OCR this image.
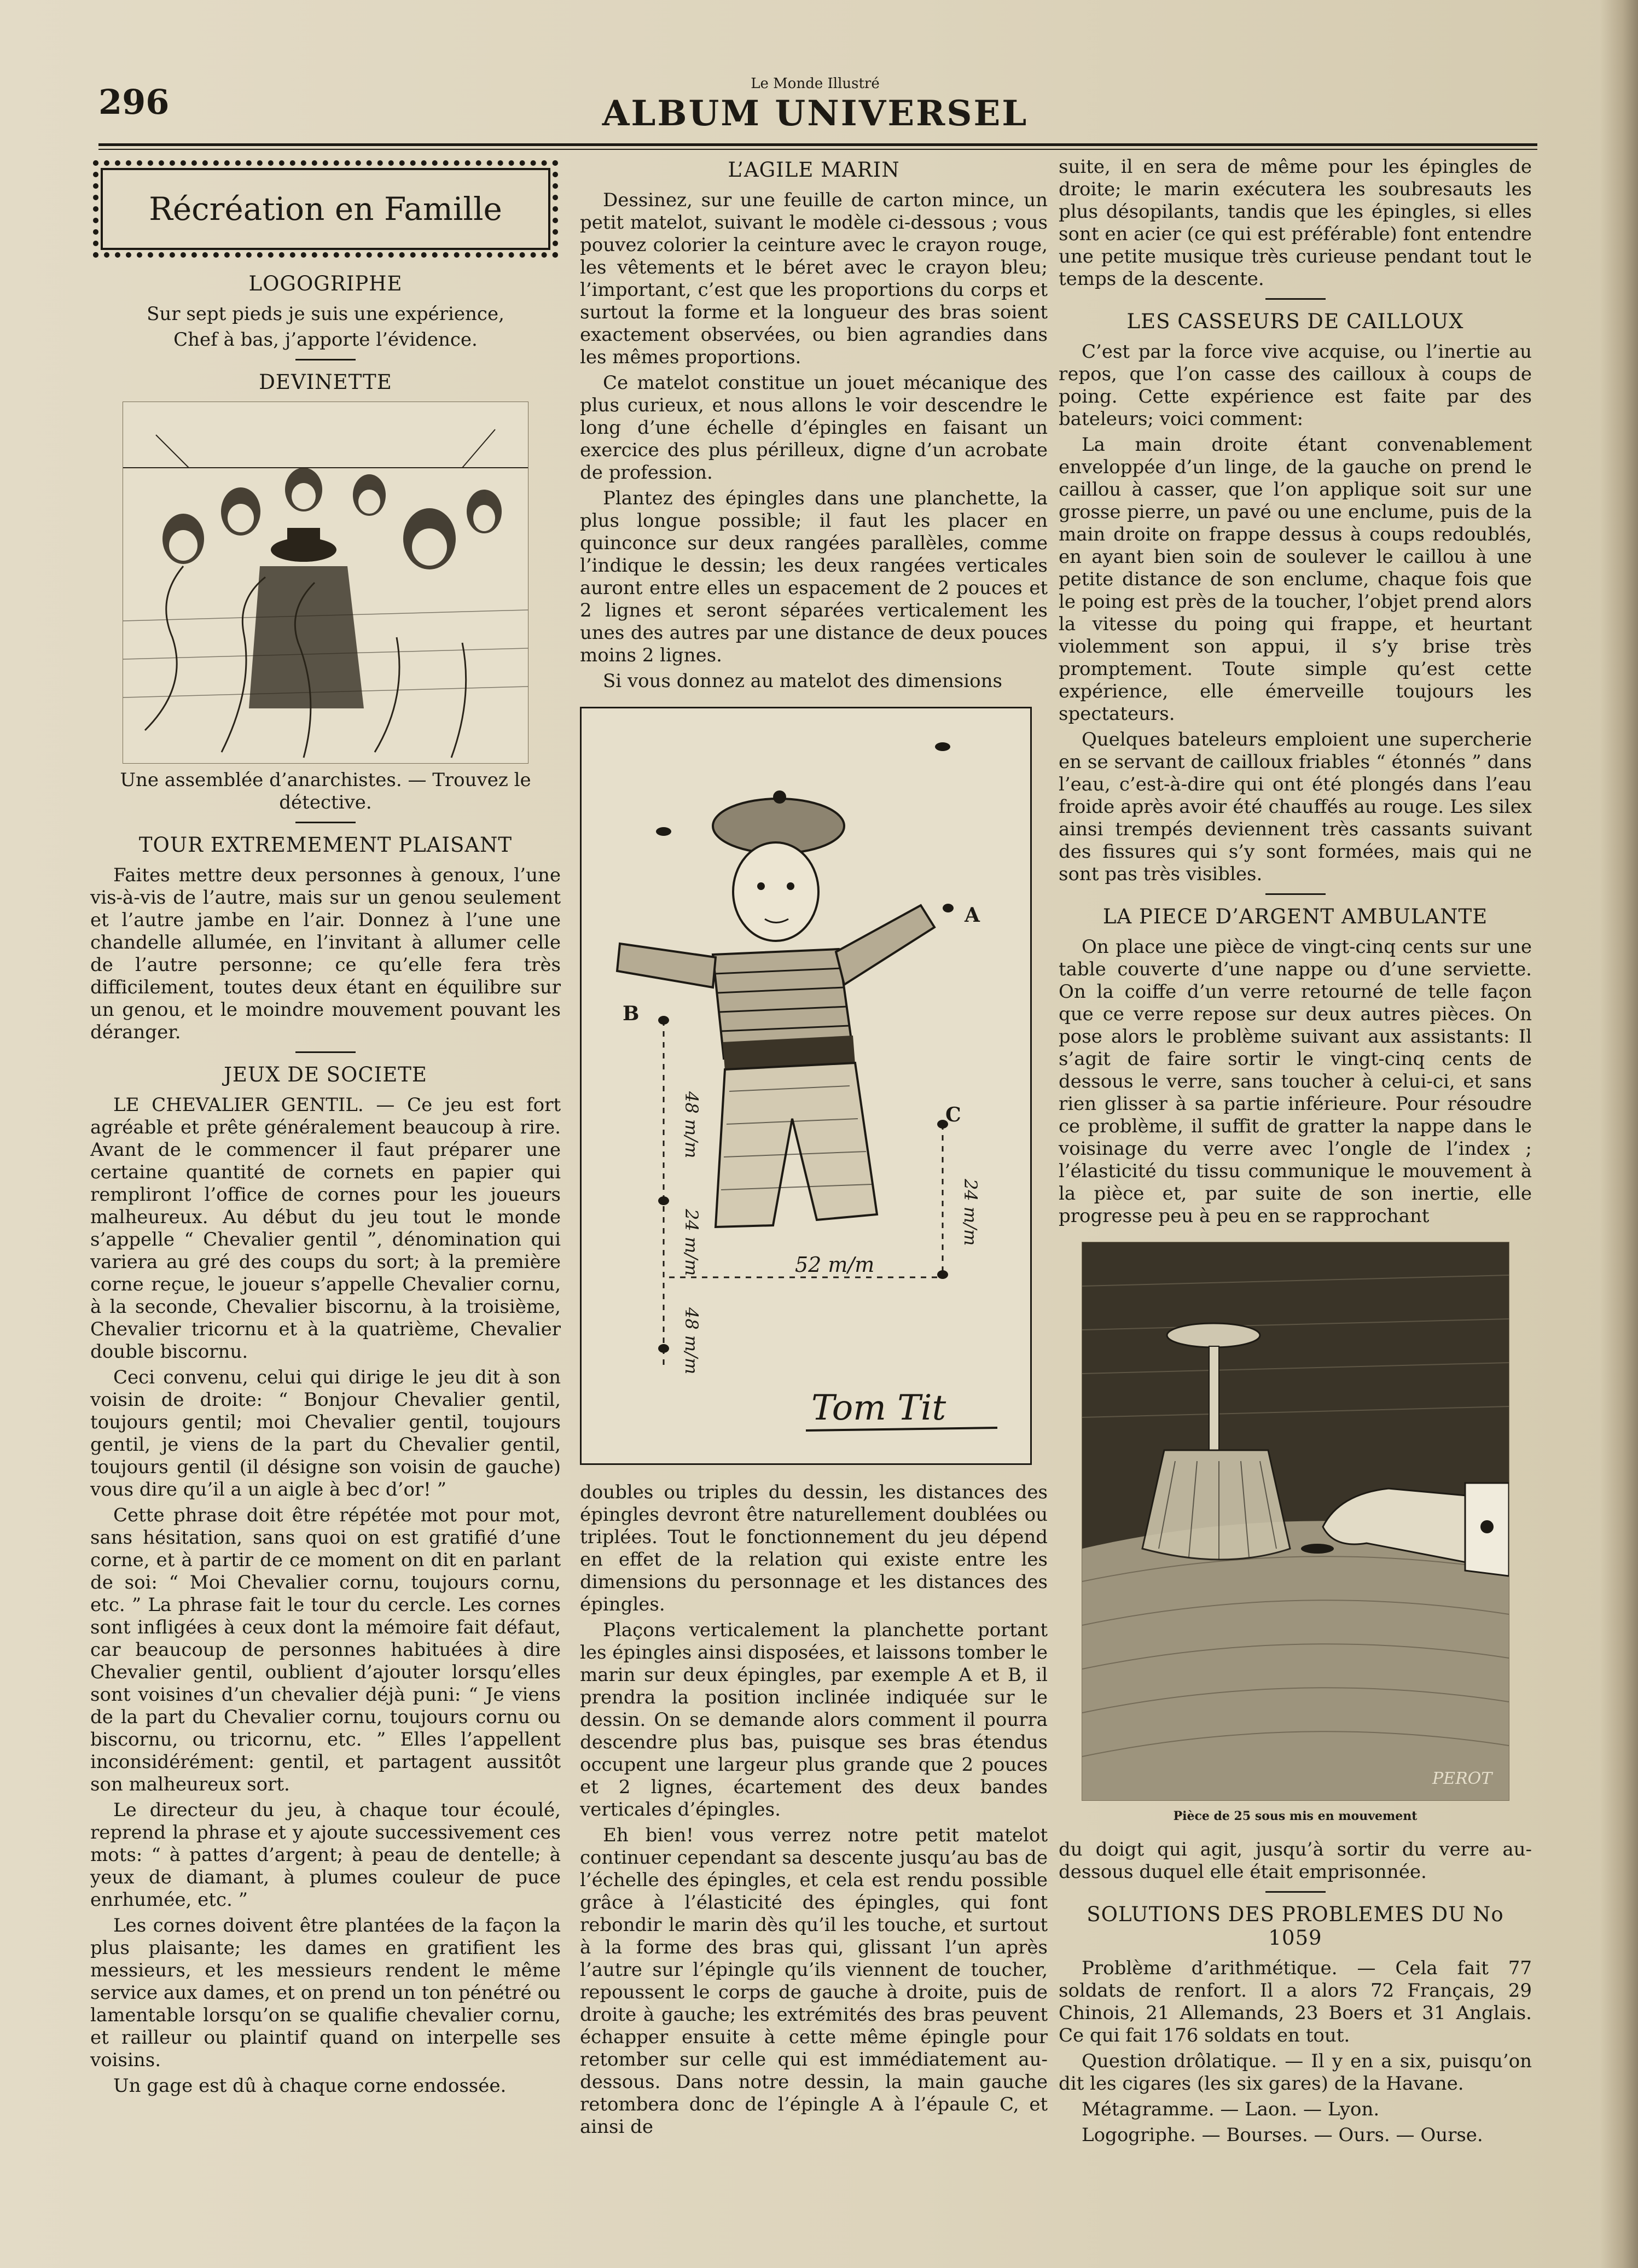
296	Le Monde Illustré
ALBUM UNIVERSEL
Récréation en Famille
LOGOGRIPHE

Sur sept pieds je suis une expérience,

Chef à bas, j’apporte l’évidence.

DEVINETTE

Une assemblée d’anarchistes. — Trouvez le détective.

TOUR EXTREMEMENT PLAISANT

Faites mettre deux personnes à genoux, l’une vis-à-vis de l’autre, mais sur un genou seulement et l’autre jambe en l’air. Donnez à l’une une chandelle allumée, en l’invitant à allumer celle de l’autre personne; ce qu’elle fera très difficilement, toutes deux étant en équilibre sur un genou, et le moindre mouvement pouvant les déranger.

JEUX DE SOCIETE

LE CHEVALIER GENTIL. — Ce jeu est fort agréable et prête généralement beaucoup à rire. Avant de le commencer il faut préparer une certaine quantité de cornets en papier qui rempliront l’office de cornes pour les joueurs malheureux. Au début du jeu tout le monde s’appelle “ Chevalier gentil ”, dénomination qui variera au gré des coups du sort; à la première corne reçue, le joueur s’appelle Chevalier cornu, à la seconde, Chevalier biscornu, à la troisième, Chevalier tricornu et à la quatrième, Chevalier double biscornu.

Ceci convenu, celui qui dirige le jeu dit à son voisin de droite: “ Bonjour Chevalier gentil, toujours gentil; moi Chevalier gentil, toujours gentil, je viens de la part du Chevalier gentil, toujours gentil (il désigne son voisin de gauche) vous dire qu’il a un aigle à bec d’or! ”

Cette phrase doit être répétée mot pour mot, sans hésitation, sans quoi on est gratifié d’une corne, et à partir de ce moment on dit en parlant de soi: “ Moi Chevalier cornu, toujours cornu, etc. ” La phrase fait le tour du cercle. Les cornes sont infligées à ceux dont la mémoire fait défaut, car beaucoup de personnes habituées à dire Chevalier gentil, oublient d’ajouter lorsqu’elles sont voisines d’un chevalier déjà puni: “ Je viens de la part du Chevalier cornu, toujours cornu ou biscornu, ou tricornu, etc. ” Elles l’appellent inconsidérément: gentil, et partagent aussitôt son malheureux sort.

Le directeur du jeu, à chaque tour écoulé, reprend la phrase et y ajoute successivement ces mots: “ à pattes d’argent; à peau de dentelle; à yeux de diamant, à plumes couleur de puce enrhumée, etc. ”

Les cornes doivent être plantées de la façon la plus plaisante; les dames en gratifient les messieurs, et les messieurs rendent le même service aux dames, et on prend un ton pénétré ou lamentable lorsqu’on se qualifie chevalier cornu, et railleur ou plaintif quand on interpelle ses voisins.

Un gage est dû à chaque corne endossée.

L’AGILE MARIN

Dessinez, sur une feuille de carton mince, un petit matelot, suivant le modèle ci-dessous ; vous pouvez colorier la ceinture avec le crayon rouge, les vêtements et le béret avec le crayon bleu; l’important, c’est que les proportions du corps et surtout la forme et la longueur des bras soient exactement observées, ou bien agrandies dans les mêmes proportions.

Ce matelot constitue un jouet mécanique des plus curieux, et nous allons le voir descendre le long d’une échelle d’épingles en faisant un exercice des plus périlleux, digne d’un acrobate de profession.

Plantez des épingles dans une planchette, la plus longue possible; il faut les placer en quinconce sur deux rangées parallèles, comme l’indique le dessin; les deux rangées verticales auront entre elles un espacement de 2 pouces et 2 lignes et seront séparées verticalement les unes des autres par une distance de deux pouces moins 2 lignes.

Si vous donnez au matelot des dimensions

B
A
C
52 m/m
48 m/m
24 m/m
48 m/m
24 m/m
Tom Tit

doubles ou triples du dessin, les distances des épingles devront être naturellement doublées ou triplées. Tout le fonctionnement du jeu dépend en effet de la relation qui existe entre les dimensions du personnage et les distances des épingles.

Plaçons verticalement la planchette portant les épingles ainsi disposées, et laissons tomber le marin sur deux épingles, par exemple A et B, il prendra la position inclinée indiquée sur le dessin. On se demande alors comment il pourra descendre plus bas, puisque ses bras étendus occupent une largeur plus grande que 2 pouces et 2 lignes, écartement des deux bandes verticales d’épingles.

Eh bien! vous verrez notre petit matelot continuer cependant sa descente jusqu’au bas de l’échelle des épingles, et cela est rendu possible grâce à l’élasticité des épingles, qui font rebondir le marin dès qu’il les touche, et surtout à la forme des bras qui, glissant l’un après l’autre sur l’épingle qu’ils viennent de toucher, repoussent le corps de gauche à droite, puis de droite à gauche; les extrémités des bras peuvent échapper ensuite à cette même épingle pour retomber sur celle qui est immédiatement au-dessous. Dans notre dessin, la main gauche retombera donc de l’épingle A à l’épaule C, et ainsi de

suite, il en sera de même pour les épingles de droite; le marin exécutera les soubresauts les plus désopilants, tandis que les épingles, si elles sont en acier (ce qui est préférable) font entendre une petite musique très curieuse pendant tout le temps de la descente.

LES CASSEURS DE CAILLOUX

C’est par la force vive acquise, ou l’inertie au repos, que l’on casse des cailloux à coups de poing. Cette expérience est faite par des bateleurs; voici comment:

La main droite étant convenablement enveloppée d’un linge, de la gauche on prend le caillou à casser, que l’on applique soit sur une grosse pierre, un pavé ou une enclume, puis de la main droite on frappe dessus à coups redoublés, en ayant bien soin de soulever le caillou à une petite distance de son enclume, chaque fois que le poing est près de la toucher, l’objet prend alors la vitesse du poing qui frappe, et heurtant violemment son appui, il s’y brise très promptement. Toute simple qu’est cette expérience, elle émerveille toujours les spectateurs.

Quelques bateleurs emploient une supercherie en se servant de cailloux friables “ étonnés ” dans l’eau, c’est-à-dire qui ont été plongés dans l’eau froide après avoir été chauffés au rouge. Les silex ainsi trempés deviennent très cassants suivant des fissures qui s’y sont formées, mais qui ne sont pas très visibles.

LA PIECE D’ARGENT AMBULANTE

On place une pièce de vingt-cinq cents sur une table couverte d’une nappe ou d’une serviette. On la coiffe d’un verre retourné de telle façon que ce verre repose sur deux autres pièces. On pose alors le problème suivant aux assistants: Il s’agit de faire sortir le vingt-cinq cents de dessous le verre, sans toucher à celui-ci, et sans rien glisser à sa partie inférieure. Pour résoudre ce problème, il suffit de gratter la nappe dans le voisinage du verre avec l’ongle de l’index ; l’élasticité du tissu communique le mouvement à la pièce et, par suite de son inertie, elle progresse peu à peu en se rapprochant

PEROT

Pièce de 25 sous mis en mouvement

du doigt qui agit, jusqu’à sortir du verre au-dessous duquel elle était emprisonnée.

SOLUTIONS DES PROBLEMES DU No 1059

Problème d’arithmétique. — Cela fait 77 soldats de renfort. Il a alors 72 Français, 29 Chinois, 21 Allemands, 23 Boers et 31 Anglais. Ce qui fait 176 soldats en tout.

Question drôlatique. — Il y en a six, puisqu’on dit les cigares (les six gares) de la Havane.

Métagramme. — Laon. — Lyon.

Logogriphe. — Bourses. — Ours. — Ourse.
